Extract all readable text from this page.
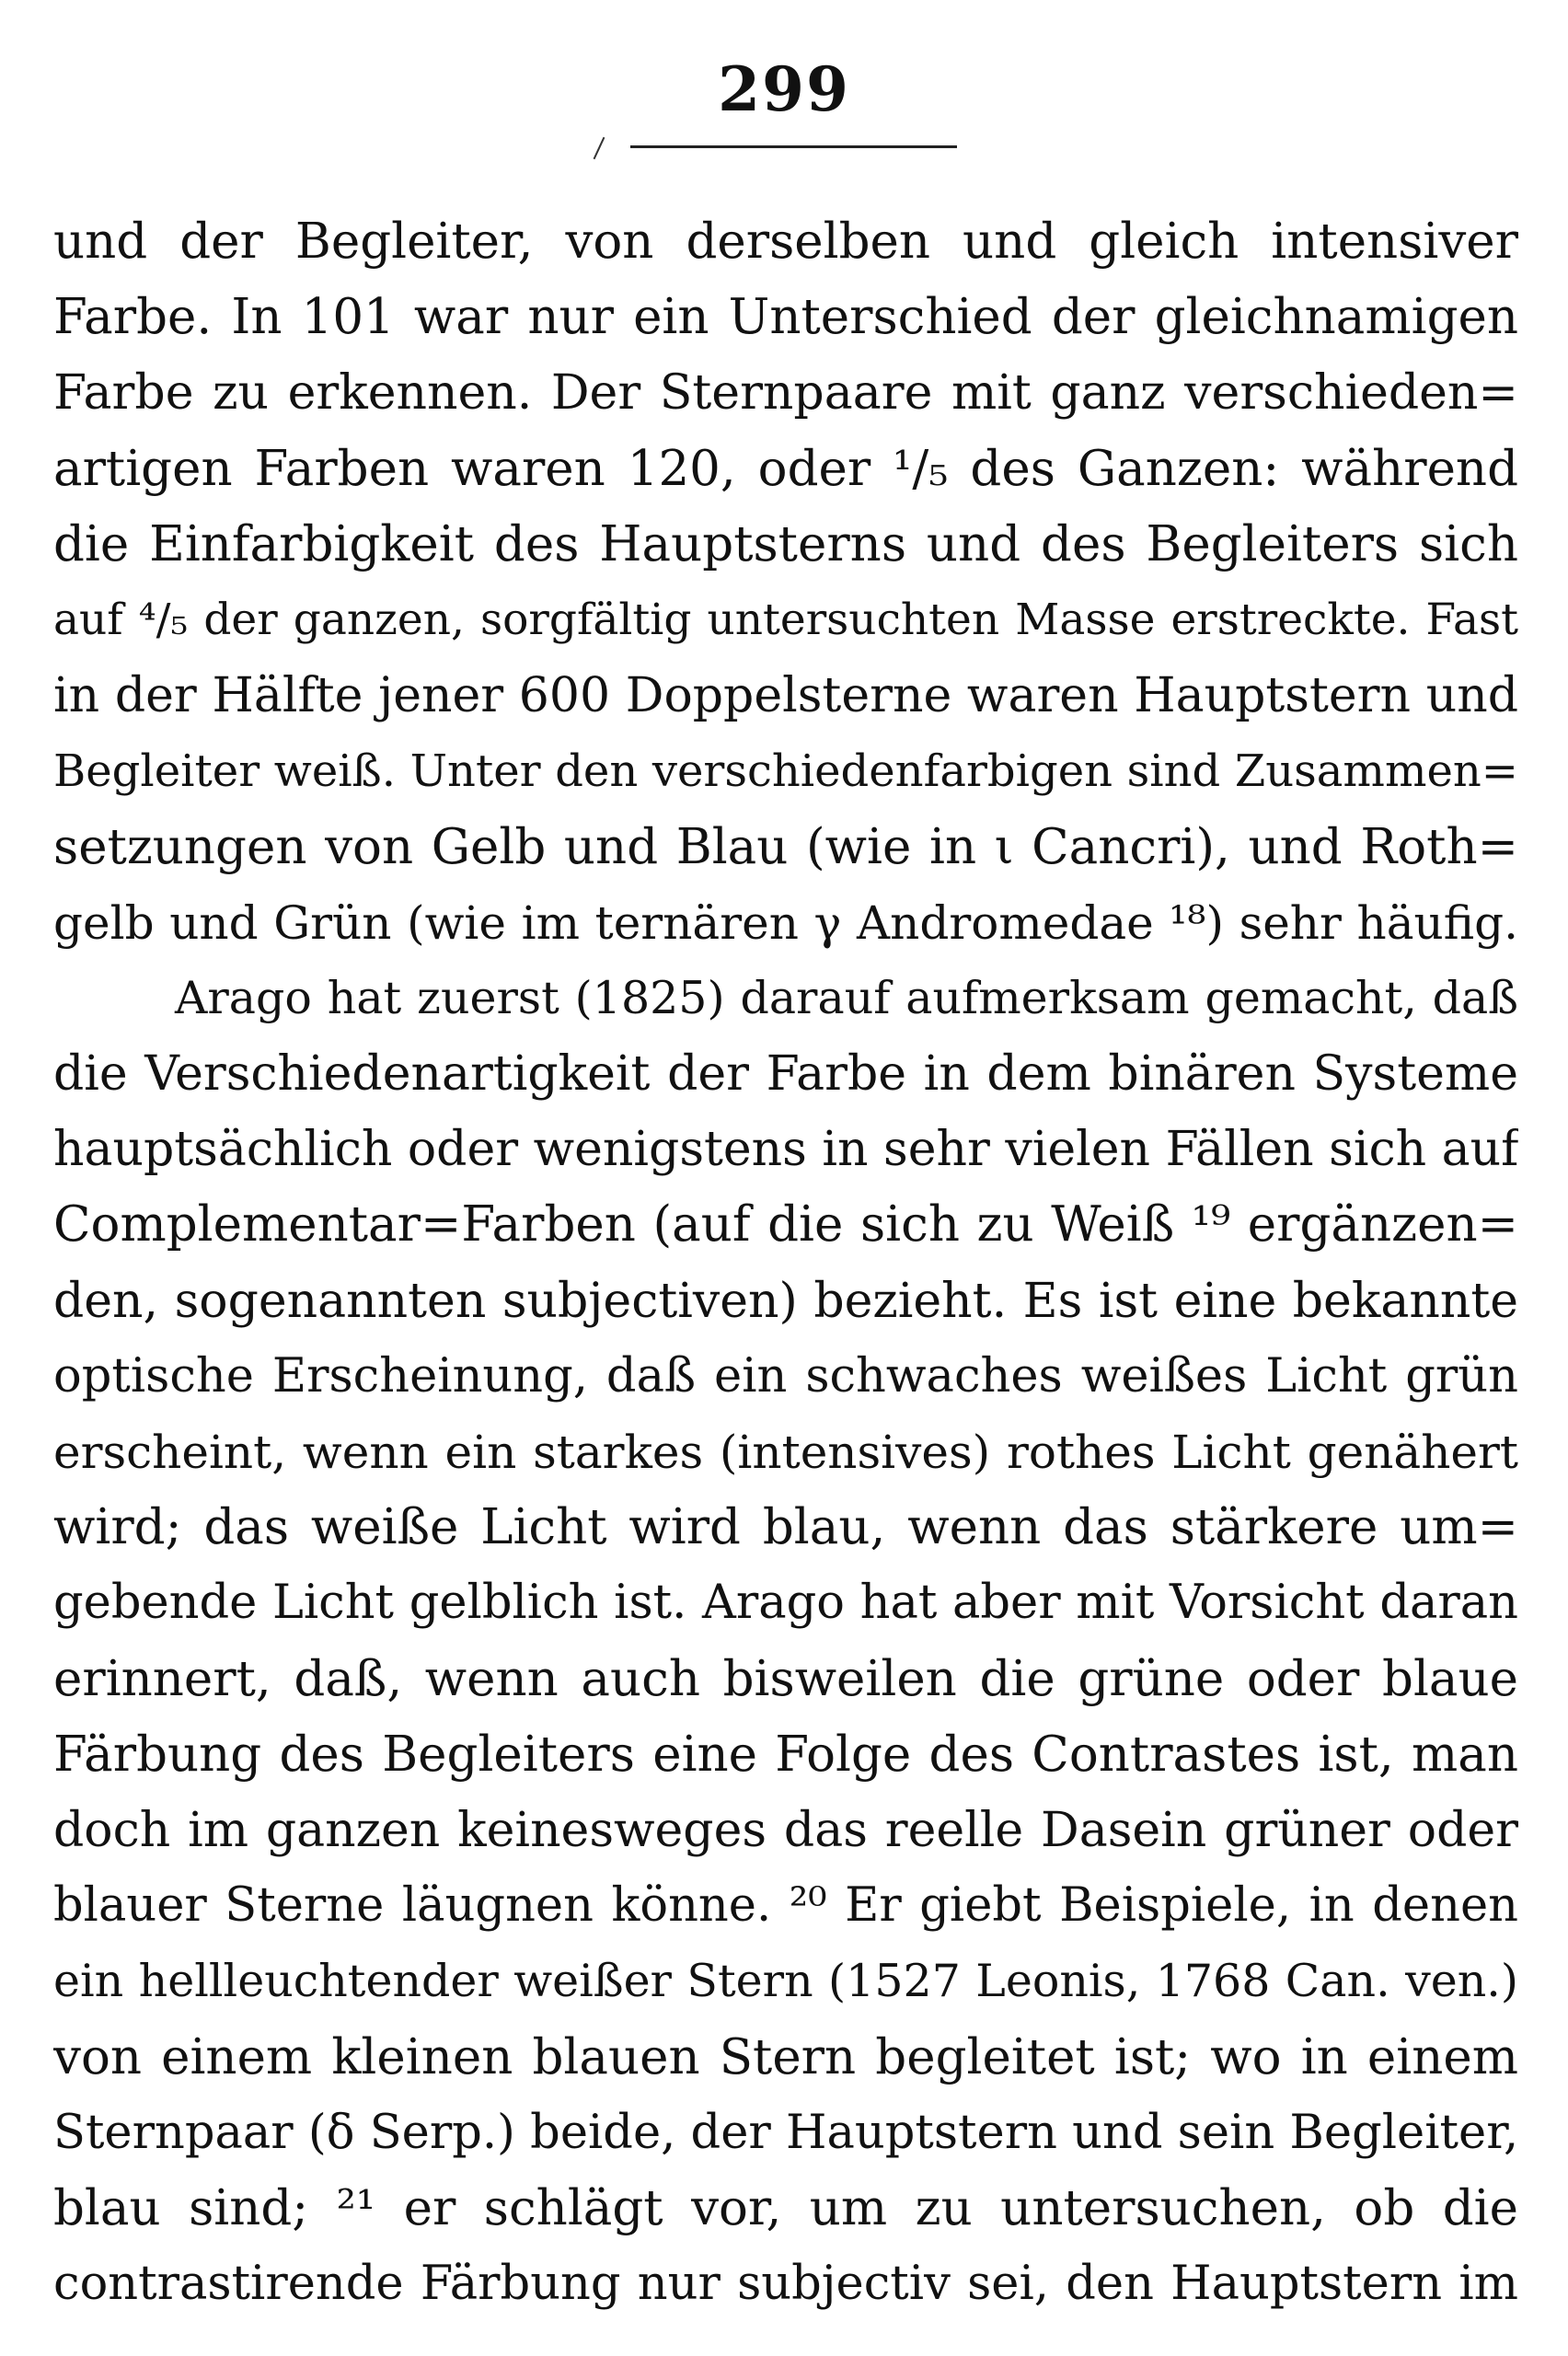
299
und der Begleiter, von derselben und gleich intensiver
Farbe. In 101 war nur ein Unterschied der gleichnamigen
Farbe zu erkennen. Der Sternpaare mit ganz verschieden=
artigen Farben waren 120, oder ¹/₅ des Ganzen: während
die Einfarbigkeit des Hauptsterns und des Begleiters sich
auf ⁴/₅ der ganzen, sorgfältig untersuchten Masse erstreckte. Fast
in der Hälfte jener 600 Doppelsterne waren Hauptstern und
Begleiter weiß. Unter den verschiedenfarbigen sind Zusammen=
setzungen von Gelb und Blau (wie in ι Cancri), und Roth=
gelb und Grün (wie im ternären γ Andromedae ¹⁸) sehr häufig.
Arago hat zuerst (1825) darauf aufmerksam gemacht, daß
die Verschiedenartigkeit der Farbe in dem binären Systeme
hauptsächlich oder wenigstens in sehr vielen Fällen sich auf
Complementar=Farben (auf die sich zu Weiß ¹⁹ ergänzen=
den, sogenannten subjectiven) bezieht. Es ist eine bekannte
optische Erscheinung, daß ein schwaches weißes Licht grün
erscheint, wenn ein starkes (intensives) rothes Licht genähert
wird; das weiße Licht wird blau, wenn das stärkere um=
gebende Licht gelblich ist. Arago hat aber mit Vorsicht daran
erinnert, daß, wenn auch bisweilen die grüne oder blaue
Färbung des Begleiters eine Folge des Contrastes ist, man
doch im ganzen keinesweges das reelle Dasein grüner oder
blauer Sterne läugnen könne. ²⁰ Er giebt Beispiele, in denen
ein hellleuchtender weißer Stern (1527 Leonis, 1768 Can. ven.)
von einem kleinen blauen Stern begleitet ist; wo in einem
Sternpaar (δ Serp.) beide, der Hauptstern und sein Begleiter,
blau sind; ²¹ er schlägt vor, um zu untersuchen, ob die
contrastirende Färbung nur subjectiv sei, den Hauptstern im
